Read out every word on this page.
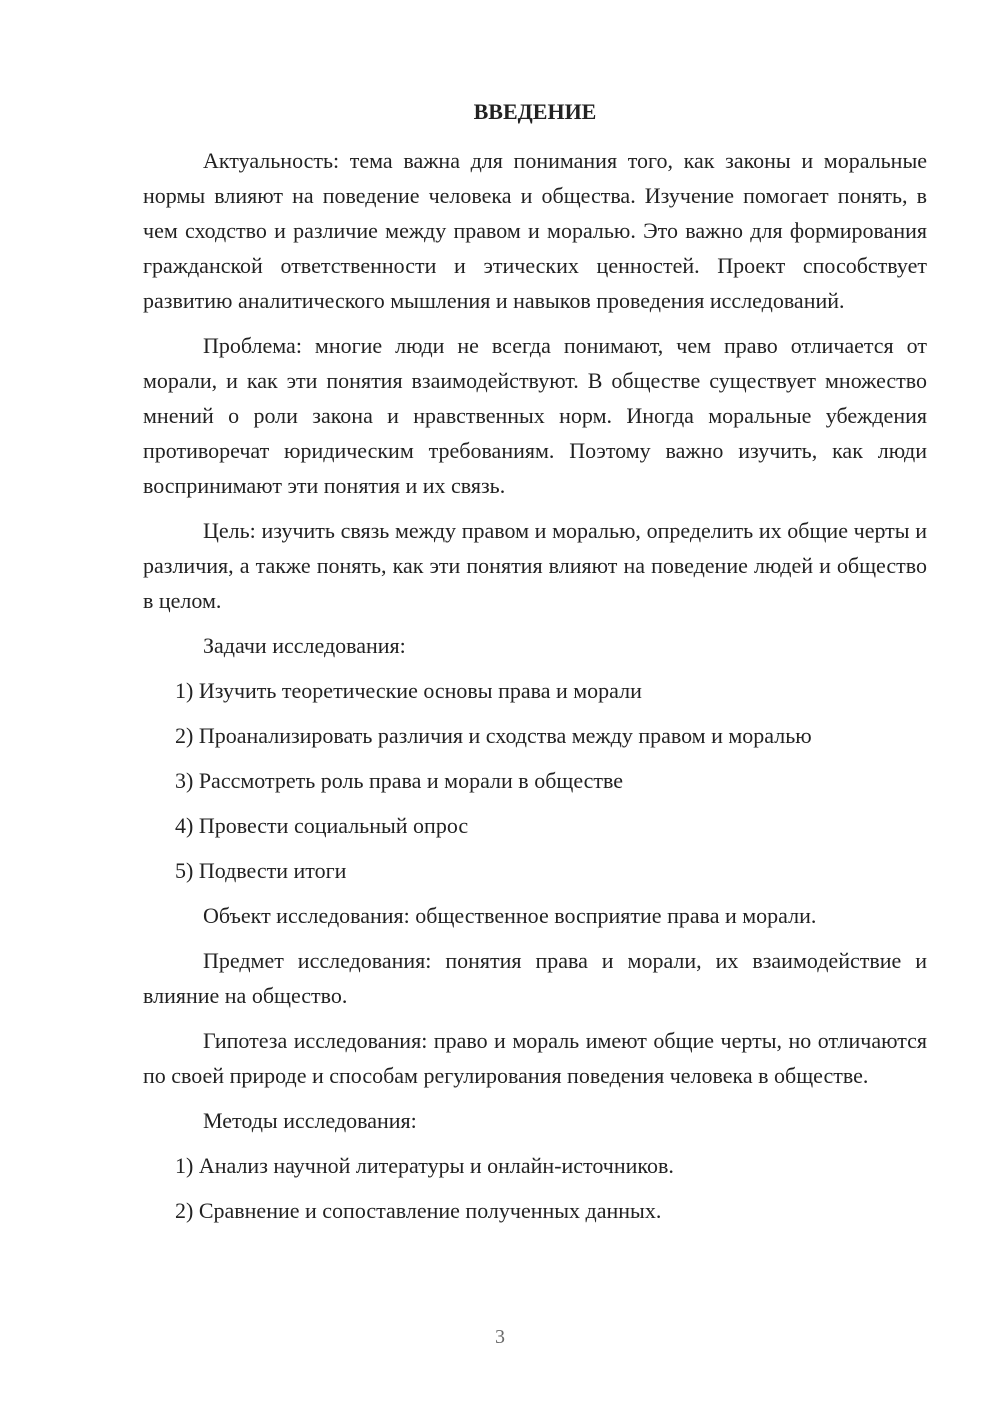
ВВЕДЕНИЕ

Актуальность: тема важна для понимания того, как законы и моральные нормы влияют на поведение человека и общества. Изучение помогает понять, в чем сходство и различие между правом и моралью. Это важно для формирования гражданской ответственности и этических ценностей. Проект способствует развитию аналитического мышления и навыков проведения исследований.

Проблема: многие люди не всегда понимают, чем право отличается от морали, и как эти понятия взаимодействуют. В обществе существует множество мнений о роли закона и нравственных норм. Иногда моральные убеждения противоречат юридическим требованиям. Поэтому важно изучить, как люди воспринимают эти понятия и их связь.

Цель: изучить связь между правом и моралью, определить их общие черты и различия, а также понять, как эти понятия влияют на поведение людей и общество в целом.

Задачи исследования:

1) Изучить теоретические основы права и морали

2) Проанализировать различия и сходства между правом и моралью

3) Рассмотреть роль права и морали в обществе

4) Провести социальный опрос

5) Подвести итоги

Объект исследования: общественное восприятие права и морали.

Предмет исследования: понятия права и морали, их взаимодействие и влияние на общество.

Гипотеза исследования: право и мораль имеют общие черты, но отличаются по своей природе и способам регулирования поведения человека в обществе.

Методы исследования:

1) Анализ научной литературы и онлайн-источников.

2) Сравнение и сопоставление полученных данных.

3
